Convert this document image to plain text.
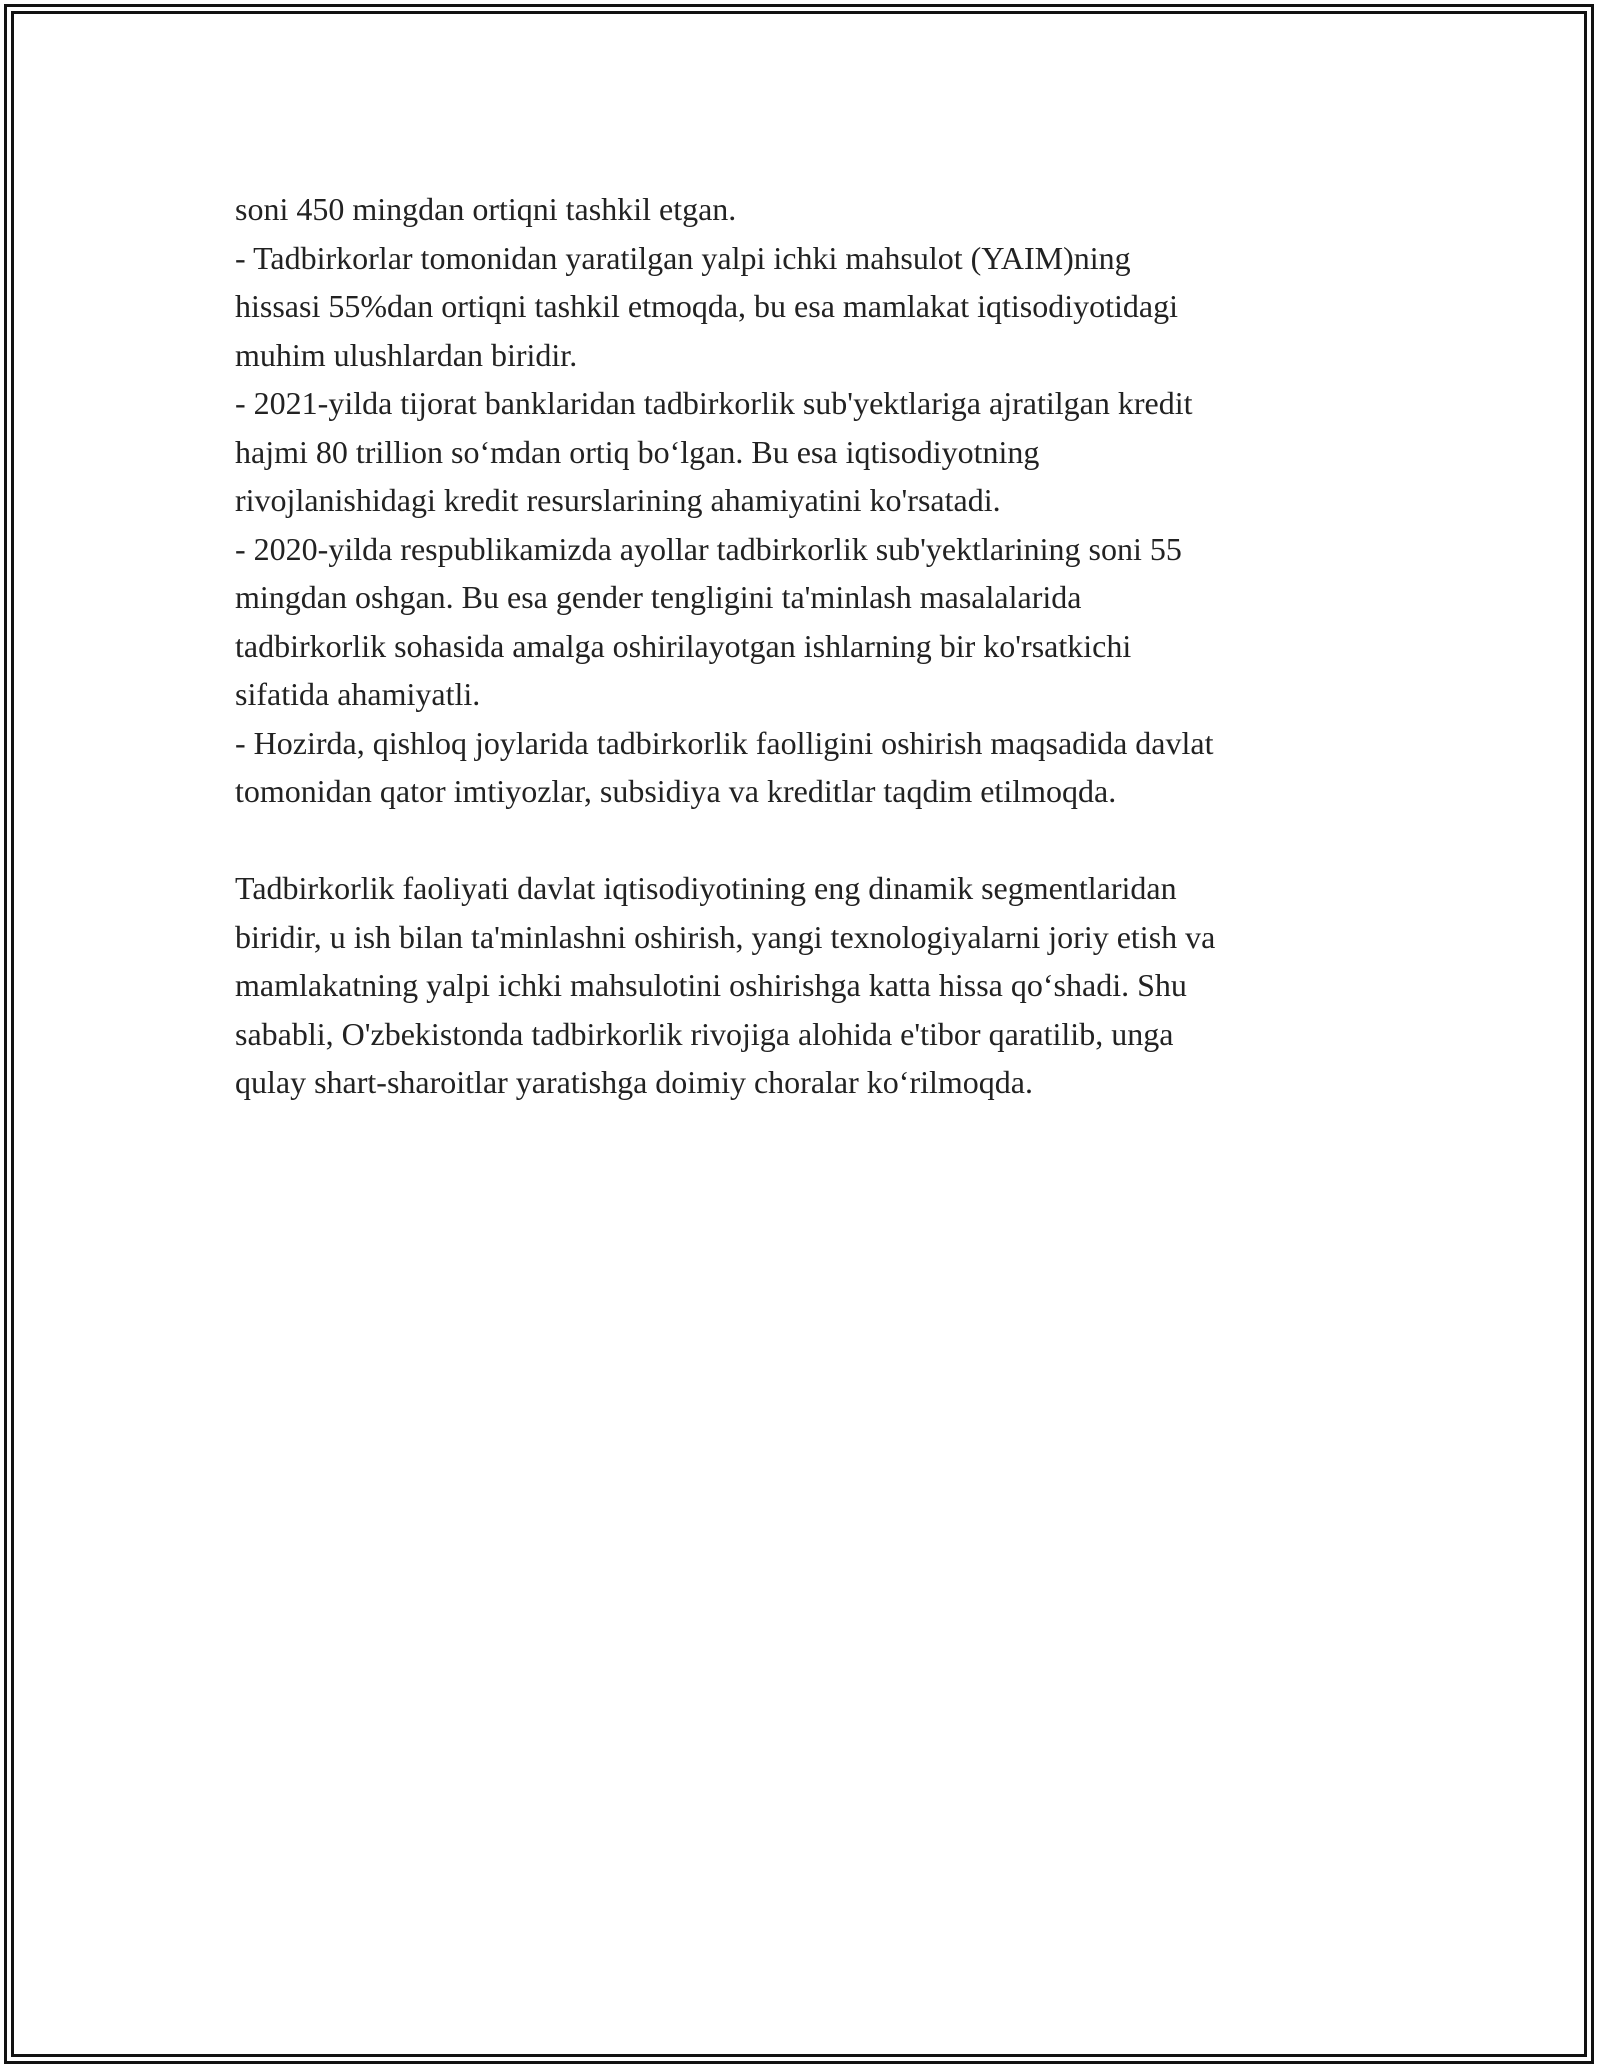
soni 450 mingdan ortiqni tashkil etgan.
- Tadbirkorlar tomonidan yaratilgan yalpi ichki mahsulot (YAIM)ning
hissasi 55%dan ortiqni tashkil etmoqda, bu esa mamlakat iqtisodiyotidagi
muhim ulushlardan biridir.
- 2021-yilda tijorat banklaridan tadbirkorlik sub'yektlariga ajratilgan kredit
hajmi 80 trillion so‘mdan ortiq bo‘lgan. Bu esa iqtisodiyotning
rivojlanishidagi kredit resurslarining ahamiyatini ko'rsatadi.
- 2020-yilda respublikamizda ayollar tadbirkorlik sub'yektlarining soni 55
mingdan oshgan. Bu esa gender tengligini ta'minlash masalalarida
tadbirkorlik sohasida amalga oshirilayotgan ishlarning bir ko'rsatkichi
sifatida ahamiyatli.
- Hozirda, qishloq joylarida tadbirkorlik faolligini oshirish maqsadida davlat
tomonidan qator imtiyozlar, subsidiya va kreditlar taqdim etilmoqda.
Tadbirkorlik faoliyati davlat iqtisodiyotining eng dinamik segmentlaridan
biridir, u ish bilan ta'minlashni oshirish, yangi texnologiyalarni joriy etish va
mamlakatning yalpi ichki mahsulotini oshirishga katta hissa qo‘shadi. Shu
sababli, O'zbekistonda tadbirkorlik rivojiga alohida e'tibor qaratilib, unga
qulay shart-sharoitlar yaratishga doimiy choralar ko‘rilmoqda.
